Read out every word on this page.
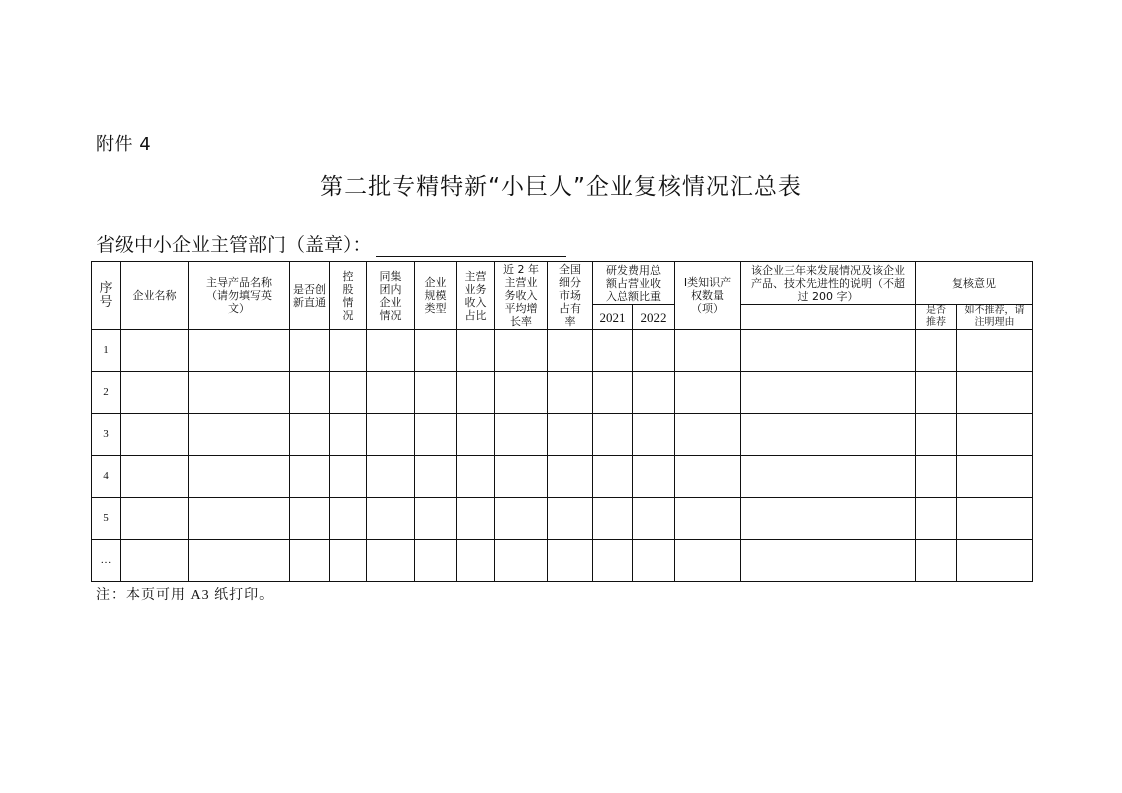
附件 4
第二批专精特新“小巨人”企业复核情况汇总表
省级中小企业主管部门（盖章）：
序号	企业名称	主导产品名称（请勿填写英文）	是否创新直通	控股情况	同集团内企业情况	企业规模类型	主营业务收入占比	近 2 年主营业务收入平均增长率	全国细分市场占有率	研发费用总额占营业收入总额比重		Ⅰ类知识产权数量（项）	该企业三年来发展情况及该企业产品、技术先进性的说明（不超过 200 字）	复核意见	
										2021	2022			是否推荐	如不推荐，请注明理由
1															
2															
3															
4															
5															
…															
注：本页可用 A3 纸打印。
